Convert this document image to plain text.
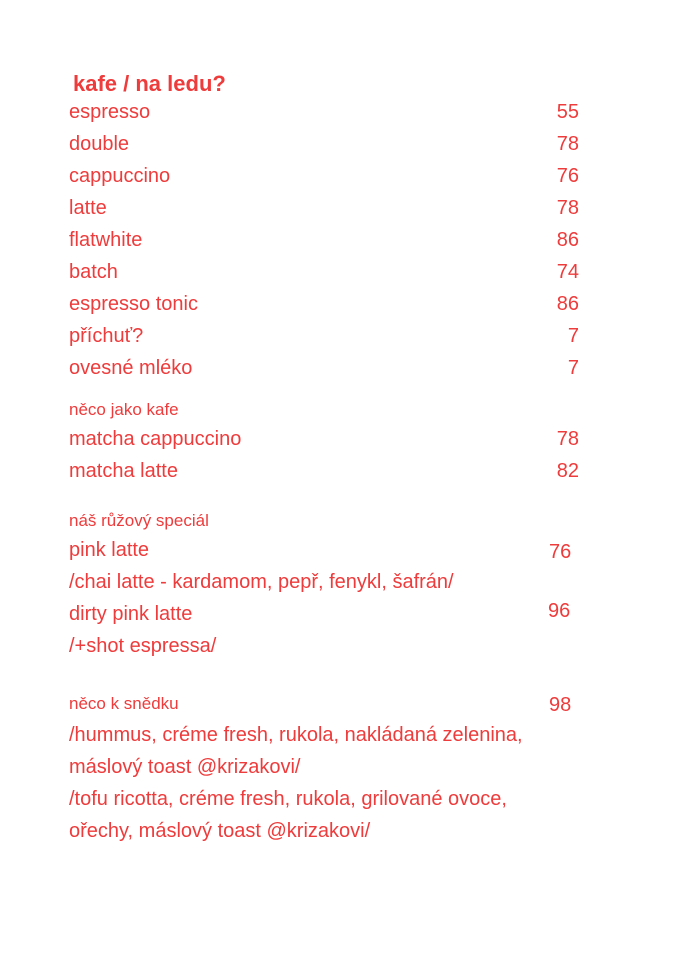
kafe / na ledu?
espresso	55
double	78
cappuccino	76
latte	78
flatwhite	86
batch	74
espresso tonic	86
příchuť?	7
ovesné mléko	7
něco jako kafe
matcha cappuccino	78
matcha latte	82
náš růžový speciál
pink latte	76
/chai latte - kardamom, pepř, fenykl, šafrán/
dirty pink latte	96
/+shot espressa/
něco k snědku	98
/hummus, créme fresh, rukola, nakládaná zelenina,
máslový toast @krizakovi/
/tofu ricotta, créme fresh, rukola, grilované ovoce,
ořechy, máslový toast @krizakovi/
